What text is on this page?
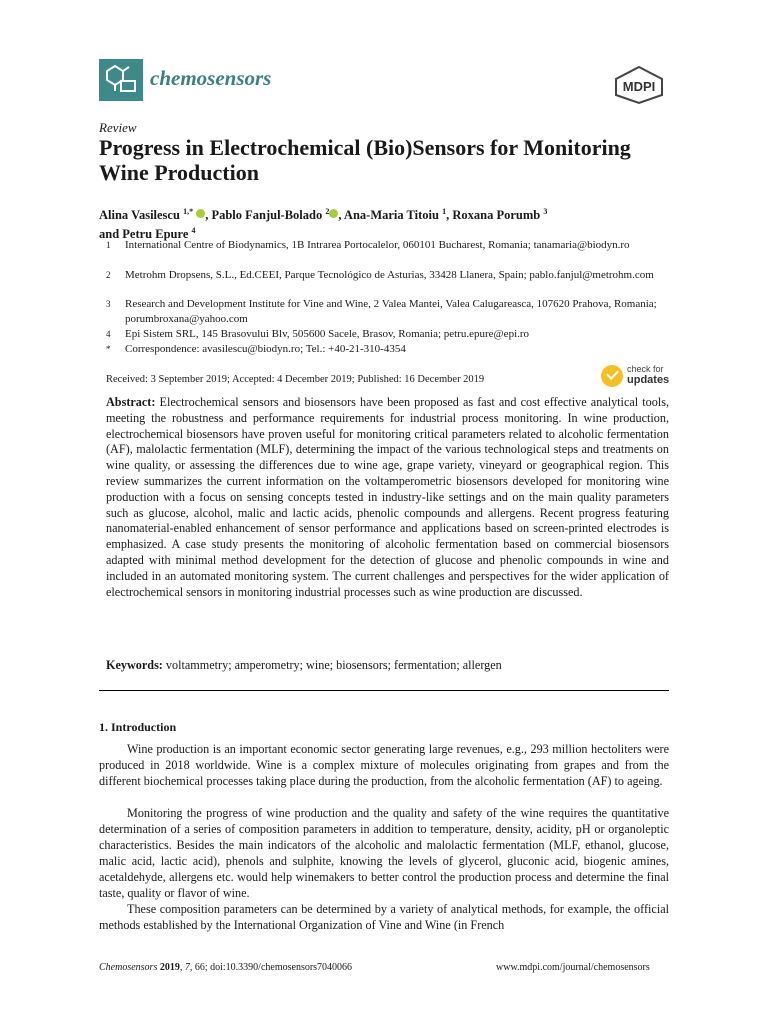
chemosensors	MDPI
Review
Progress in Electrochemical (Bio)Sensors for Monitoring Wine Production
Alina Vasilescu $^{1,*}$ , Pablo Fanjul-Bolado $^2$ , Ana-Maria Titoiu $^1$, Roxana Porumb $^3$
and Petru Epure $^4$
1 International Centre of Biodynamics, 1B Intrarea Portocalelor, 060101 Bucharest, Romania; tanamaria@biodyn.ro
2 Metrohm Dropsens, S.L., Ed.CEEI, Parque Tecnológico de Asturias, 33428 Llanera, Spain; pablo.fanjul@metrohm.com
3 Research and Development Institute for Vine and Wine, 2 Valea Mantei, Valea Calugareasca, 107620 Prahova, Romania; porumbroxana@yahoo.com
4 Epi Sistem SRL, 145 Brasovului Blv, 505600 Sacele, Brasov, Romania; petru.epure@epi.ro
* Correspondence: avasilescu@biodyn.ro; Tel.: +40-21-310-4354
Received: 3 September 2019; Accepted: 4 December 2019; Published: 16 December 2019
check for
updates
Abstract: Electrochemical sensors and biosensors have been proposed as fast and cost effective analytical tools, meeting the robustness and performance requirements for industrial process monitoring. In wine production, electrochemical biosensors have proven useful for monitoring critical parameters related to alcoholic fermentation (AF), malolactic fermentation (MLF), determining the impact of the various technological steps and treatments on wine quality, or assessing the differences due to wine age, grape variety, vineyard or geographical region. This review summarizes the current information on the voltamperometric biosensors developed for monitoring wine production with a focus on sensing concepts tested in industry-like settings and on the main quality parameters such as glucose, alcohol, malic and lactic acids, phenolic compounds and allergens. Recent progress featuring nanomaterial-enabled enhancement of sensor performance and applications based on screen-printed electrodes is emphasized. A case study presents the monitoring of alcoholic fermentation based on commercial biosensors adapted with minimal method development for the detection of glucose and phenolic compounds in wine and included in an automated monitoring system. The current challenges and perspectives for the wider application of electrochemical sensors in monitoring industrial processes such as wine production are discussed.
Keywords: voltammetry; amperometry; wine; biosensors; fermentation; allergen
1. Introduction
Wine production is an important economic sector generating large revenues, e.g., 293 million hectoliters were produced in 2018 worldwide. Wine is a complex mixture of molecules originating from grapes and from the different biochemical processes taking place during the production, from the alcoholic fermentation (AF) to ageing.
Monitoring the progress of wine production and the quality and safety of the wine requires the quantitative determination of a series of composition parameters in addition to temperature, density, acidity, pH or organoleptic characteristics. Besides the main indicators of the alcoholic and malolactic fermentation (MLF, ethanol, glucose, malic acid, lactic acid), phenols and sulphite, knowing the levels of glycerol, gluconic acid, biogenic amines, acetaldehyde, allergens etc. would help winemakers to better control the production process and determine the final taste, quality or flavor of wine.
These composition parameters can be determined by a variety of analytical methods, for example, the official methods established by the International Organization of Vine and Wine (in French
Chemosensors 2019, 7, 66; doi:10.3390/chemosensors7040066	www.mdpi.com/journal/chemosensors
